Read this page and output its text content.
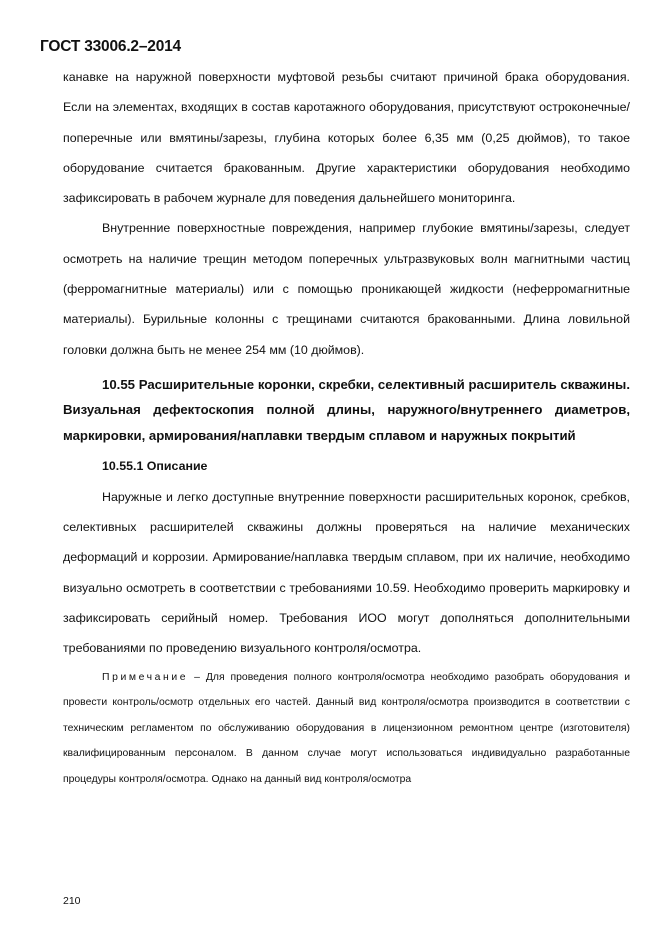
ГОСТ 33006.2–2014

канавке на наружной поверхности муфтовой резьбы считают причиной брака оборудования. Если на элементах, входящих в состав каротажного оборудования, присутствуют остроконечные/поперечные или вмятины/зарезы, глубина которых более 6,35 мм (0,25 дюймов), то такое оборудование считается бракованным. Другие характеристики оборудования необходимо зафиксировать в рабочем журнале для поведения дальнейшего мониторинга.

Внутренние поверхностные повреждения, например глубокие вмятины/зарезы, следует осмотреть на наличие трещин методом поперечных ультразвуковых волн магнитными частиц (ферромагнитные материалы) или с помощью проникающей жидкости (неферромагнитные материалы). Бурильные колонны с трещинами считаются бракованными. Длина ловильной головки должна быть не менее 254 мм (10 дюймов).

10.55 Расширительные коронки, скребки, селективный расширитель скважины. Визуальная дефектоскопия полной длины, наружного/внутреннего диаметров, маркировки, армирования/наплавки твердым сплавом и наружных покрытий

10.55.1 Описание

Наружные и легко доступные внутренние поверхности расширительных коронок, сребков, селективных расширителей скважины должны проверяться на наличие механических деформаций и коррозии. Армирование/наплавка твердым сплавом, при их наличие, необходимо визуально осмотреть в соответствии с требованиями 10.59. Необходимо проверить маркировку и зафиксировать серийный номер. Требования ИОО могут дополняться дополнительными требованиями по проведению визуального контроля/осмотра.

Примечание – Для проведения полного контроля/осмотра необходимо разобрать оборудования и провести контроль/осмотр отдельных его частей. Данный вид контроля/осмотра производится в соответствии с техническим регламентом по обслуживанию оборудования в лицензионном ремонтном центре (изготовителя) квалифицированным персоналом. В данном случае могут использоваться индивидуально разработанные процедуры контроля/осмотра. Однако на данный вид контроля/осмотра

210
